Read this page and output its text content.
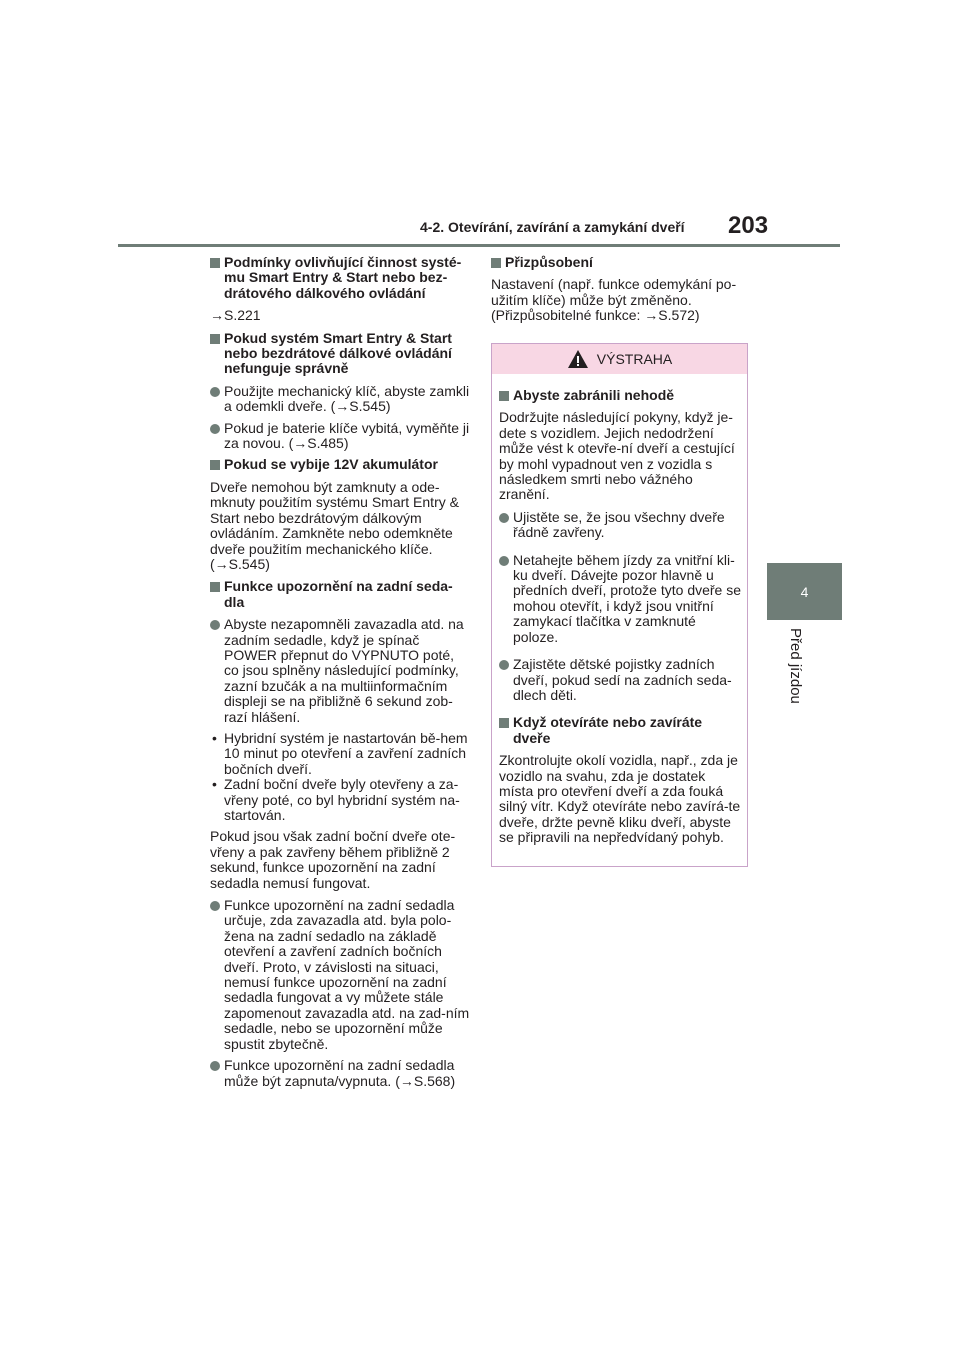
4-2. Otevírání, zavírání a zamykání dveří	203
4
Před jízdou
Podmínky ovlivňující činnost systé-mu Smart Entry & Start nebo bez-drátového dálkového ovládání
→S.221
Pokud systém Smart Entry & Start nebo bezdrátové dálkové ovládání nefunguje správně
Použijte mechanický klíč, abyste zamkli a odemkli dveře. (→S.545)
Pokud je baterie klíče vybitá, vyměňte ji za novou. (→S.485)
Pokud se vybije 12V akumulátor
Dveře nemohou být zamknuty a ode-mknuty použitím systému Smart Entry & Start nebo bezdrátovým dálkovým ovládáním. Zamkněte nebo odemkněte dveře použitím mechanického klíče. (→S.545)
Funkce upozornění na zadní seda-dla
Abyste nezapomněli zavazadla atd. na zadním sedadle, když je spínač POWER přepnut do VYPNUTO poté, co jsou splněny následující podmínky, zazní bzučák a na multiinformačním displeji se na přibližně 6 sekund zob-razí hlášení.
• Hybridní systém je nastartován bě-hem 10 minut po otevření a zavření zadních bočních dveří.
• Zadní boční dveře byly otevřeny a za-vřeny poté, co byl hybridní systém na-startován.
Pokud jsou však zadní boční dveře ote-vřeny a pak zavřeny během přibližně 2 sekund, funkce upozornění na zadní sedadla nemusí fungovat.
Funkce upozornění na zadní sedadla určuje, zda zavazadla atd. byla polo-žena na zadní sedadlo na základě otevření a zavření zadních bočních dveří. Proto, v závislosti na situaci, nemusí funkce upozornění na zadní sedadla fungovat a vy můžete stále zapomenout zavazadla atd. na zad-ním sedadle, nebo se upozornění může spustit zbytečně.
Funkce upozornění na zadní sedadla může být zapnuta/vypnuta. (→S.568)
Přizpůsobení
Nastavení (např. funkce odemykání po-užitím klíče) může být změněno. (Přizpůsobitelné funkce: →S.572)
VÝSTRAHA
Abyste zabránili nehodě
Dodržujte následující pokyny, když je-dete s vozidlem. Jejich nedodržení může vést k otevře-ní dveří a cestující by mohl vypadnout ven z vozidla s následkem smrti nebo vážného zranění.
Ujistěte se, že jsou všechny dveře řádně zavřeny.
Netahejte během jízdy za vnitřní kli-ku dveří. Dávejte pozor hlavně u předních dveří, protože tyto dveře se mohou otevřít, i když jsou vnitřní zamykací tlačítka v zamknuté poloze.
Zajistěte dětské pojistky zadních dveří, pokud sedí na zadních seda-dlech děti.
Když otevíráte nebo zavíráte dveře
Zkontrolujte okolí vozidla, např., zda je vozidlo na svahu, zda je dostatek místa pro otevření dveří a zda fouká silný vítr. Když otevíráte nebo zavírá-te dveře, držte pevně kliku dveří, abyste se připravili na nepředvídaný pohyb.
